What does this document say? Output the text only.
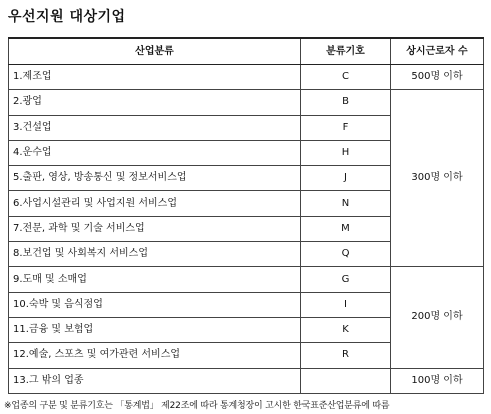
우선지원 대상기업
산업분류	분류기호	상시근로자 수
1.제조업	C	500명 이하
2.광업	B	300명 이하
3.건설업	F	
4.운수업	H	
5.출판, 영상, 방송통신 및 정보서비스업	J	
6.사업시설관리 및 사업지원 서비스업	N	
7.전문, 과학 및 기술 서비스업	M	
8.보건업 및 사회복지 서비스업	Q	
9.도매 및 소매업	G	200명 이하
10.숙박 및 음식점업	I	
11.금융 및 보험업	K	
12.예술, 스포츠 및 여가관련 서비스업	R	
13.그 밖의 업종		100명 이하
※업종의 구분 및 분류기호는 「통계법」 제22조에 따라 통계청장이 고시한 한국표준산업분류에 따름
